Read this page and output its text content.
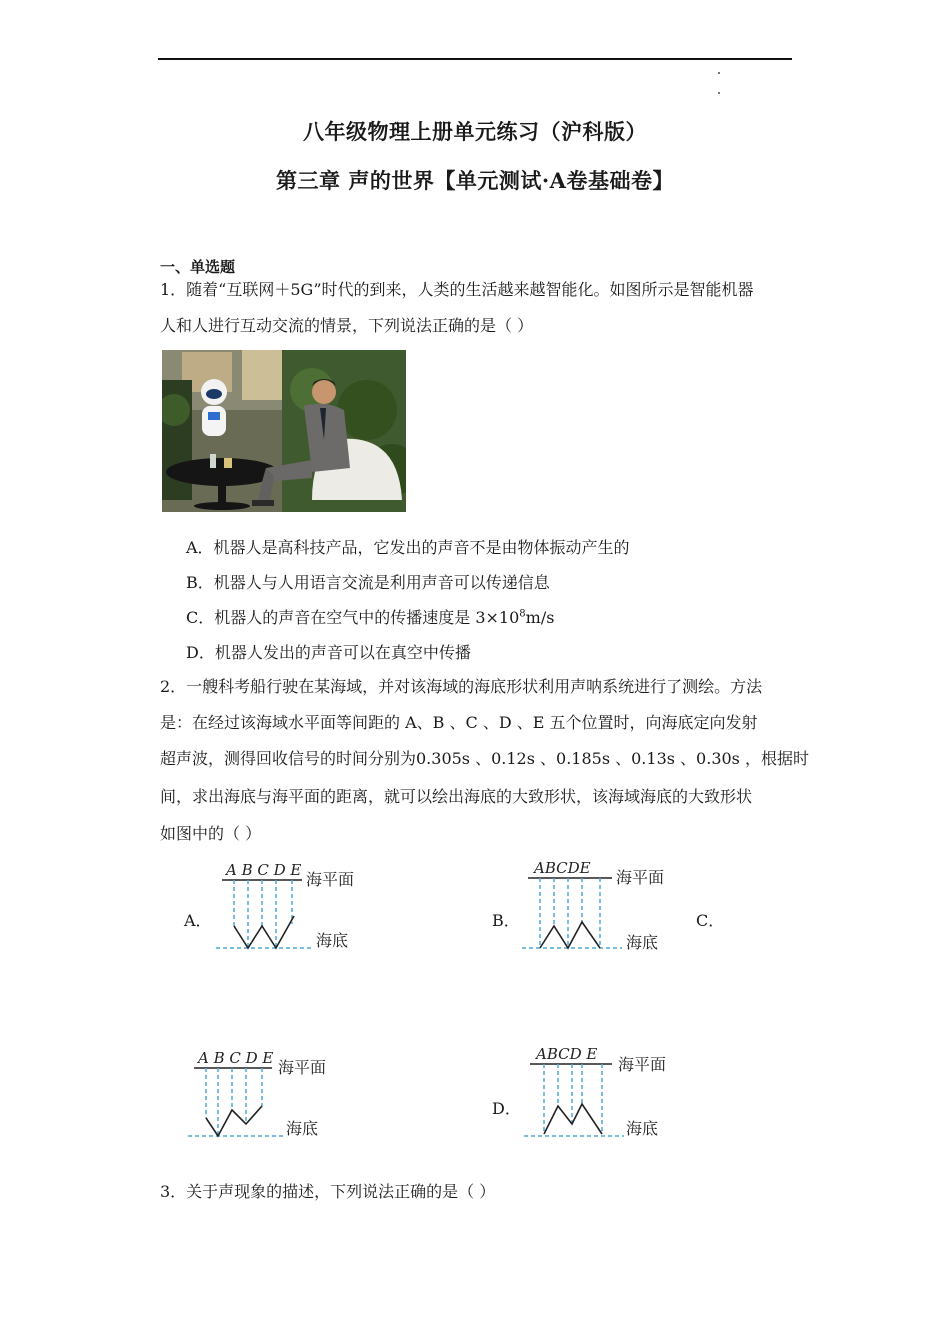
八年级物理上册单元练习（沪科版）
第三章 声的世界【单元测试·A卷基础卷】
一、单选题
1．随着“互联网＋5G”时代的到来，人类的生活越来越智能化。如图所示是智能机器
人和人进行互动交流的情景，下列说法正确的是（ ）
A．机器人是高科技产品，它发出的声音不是由物体振动产生的
B．机器人与人用语言交流是利用声音可以传递信息
C．机器人的声音在空气中的传播速度是 $3\times 10^8m/s$
D．机器人发出的声音可以在真空中传播
2．一艘科考船行驶在某海域，并对该海域的海底形状利用声呐系统进行了测绘。方法
是：在经过该海域水平面等间距的 A、B 、C 、D 、E 五个位置时，向海底定向发射
超声波，测得回收信号的时间分别为0.305s 、0.12s 、0.185s 、0.13s 、0.30s ，根据时
间，求出海底与海平面的距离，就可以绘出海底的大致形状，该海域海底的大致形状
如图中的（ ）
A．
A B C D E 海平面
海底
B．
ABCDE 海平面
海底
C．
A B C D E 海平面
海底
D．
ABCD E
海平面
海底
3．关于声现象的描述，下列说法正确的是（ ）
